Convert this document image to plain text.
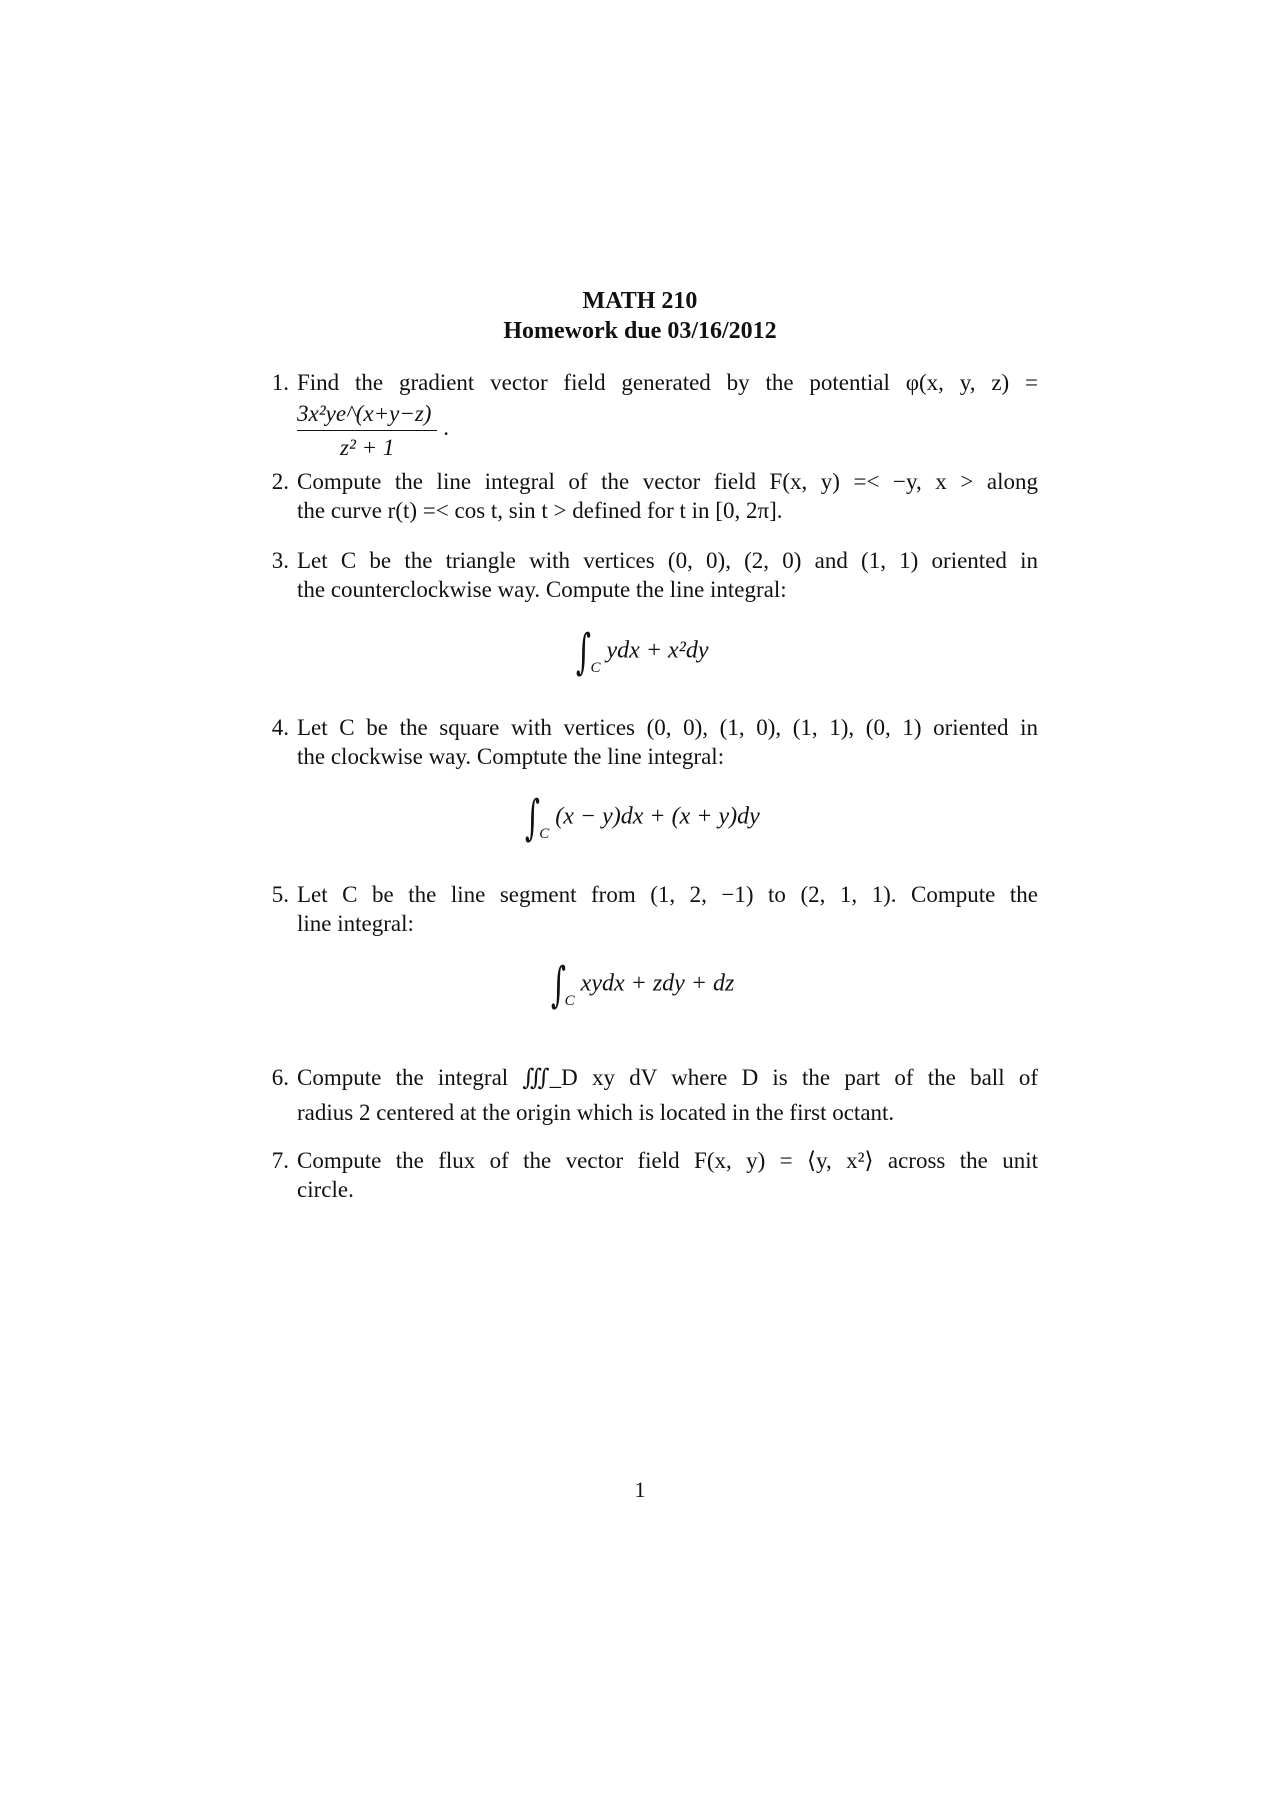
MATH 210
Homework due 03/16/2012
1. Find the gradient vector field generated by the potential φ(x, y, z) =
$\frac{\text{3x²ye\textasciicircum{}(x+y−z)}}{\text{z² + 1}}$ .
2. Compute the line integral of the vector field F(x, y) =< −y, x > along
the curve r(t) =< cos t, sin t > defined for t in [0, 2π].
3. Let C be the triangle with vertices (0, 0), (2, 0) and (1, 1) oriented in
the counterclockwise way. Compute the line integral:
$\int_Cydx + x^2dy$
4. Let C be the square with vertices (0, 0), (1, 0), (1, 1), (0, 1) oriented in
the clockwise way. Comptute the line integral:
$\int_C(x - y)dx + (x + y)dy$
5. Let C be the line segment from (1, 2, −1) to (2, 1, 1). Compute the
line integral:
$\int_Cxydx$ + zdy + dz
6. Compute the integral ∭_D xy dV where D is the part of the ball of
radius 2 centered at the origin which is located in the first octant.
7. Compute the flux of the vector field F(x, y) = ⟨y, x²⟩ across the unit
circle.
1
